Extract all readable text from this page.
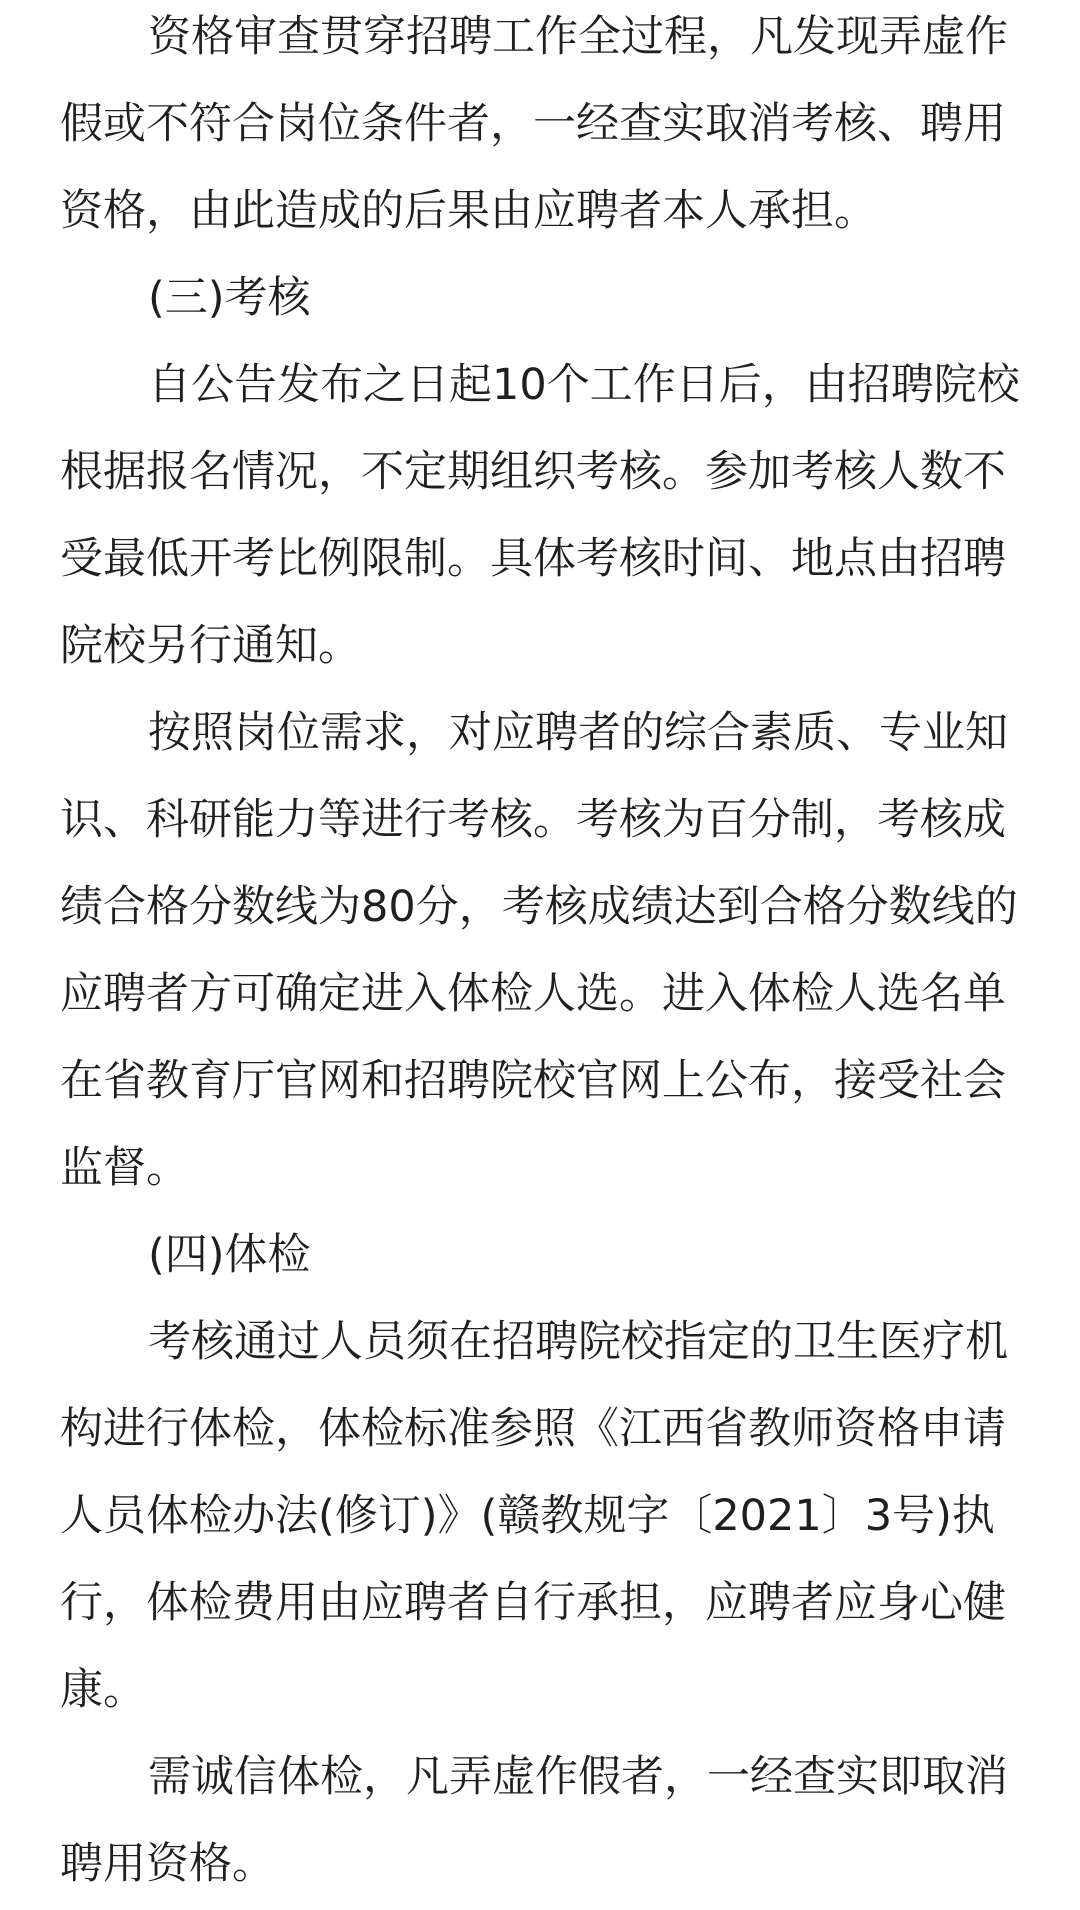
资格审查贯穿招聘工作全过程，凡发现弄虚作假或不符合岗位条件者，一经查实取消考核、聘用资格，由此造成的后果由应聘者本人承担。

(三)考核

自公告发布之日起10个工作日后，由招聘院校根据报名情况，不定期组织考核。参加考核人数不受最低开考比例限制。具体考核时间、地点由招聘院校另行通知。

按照岗位需求，对应聘者的综合素质、专业知识、科研能力等进行考核。考核为百分制，考核成绩合格分数线为80分，考核成绩达到合格分数线的应聘者方可确定进入体检人选。进入体检人选名单在省教育厅官网和招聘院校官网上公布，接受社会监督。

(四)体检

考核通过人员须在招聘院校指定的卫生医疗机构进行体检，体检标准参照《江西省教师资格申请人员体检办法(修订)》(赣教规字〔2021〕3号)执行，体检费用由应聘者自行承担，应聘者应身心健康。

需诚信体检，凡弄虚作假者，一经查实即取消聘用资格。
